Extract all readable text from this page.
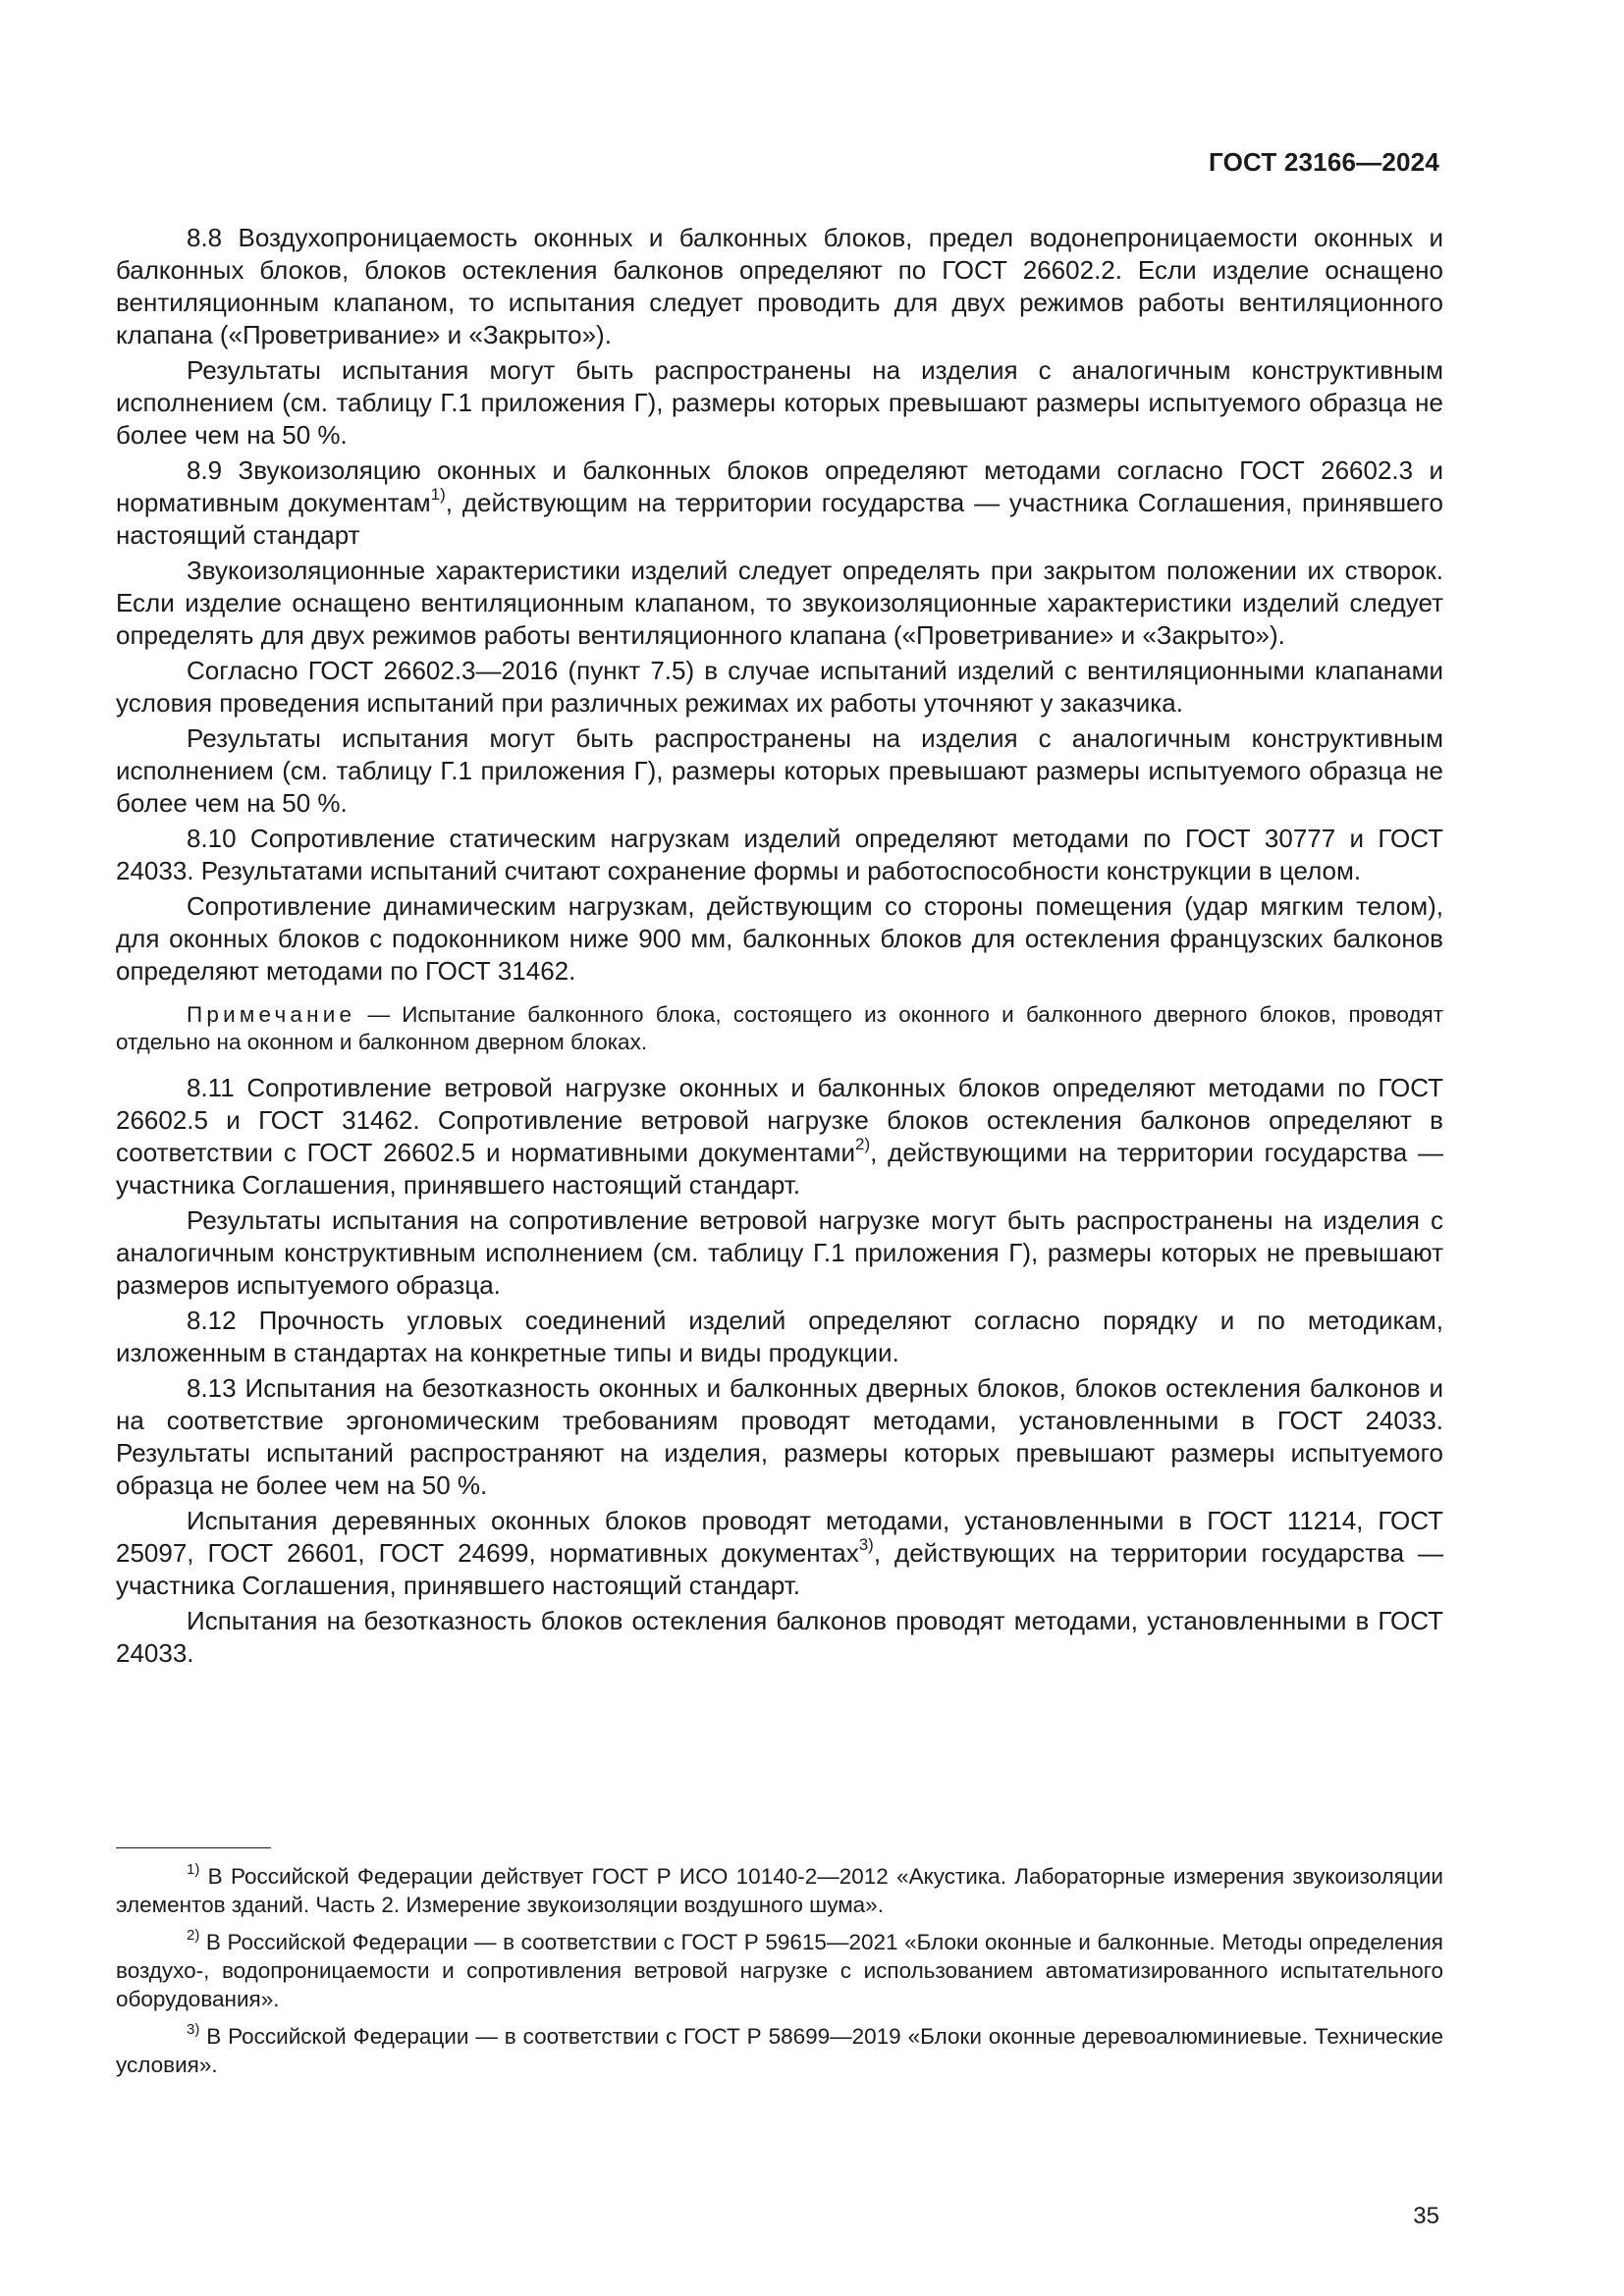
ГОСТ 23166—2024

8.8 Воздухопроницаемость оконных и балконных блоков, предел водонепроницаемости оконных и балконных блоков, блоков остекления балконов определяют по ГОСТ 26602.2. Если изделие оснащено вентиляционным клапаном, то испытания следует проводить для двух режимов работы вентиляционного клапана («Проветривание» и «Закрыто»).

Результаты испытания могут быть распространены на изделия с аналогичным конструктивным исполнением (см. таблицу Г.1 приложения Г), размеры которых превышают размеры испытуемого образца не более чем на 50 %.

8.9 Звукоизоляцию оконных и балконных блоков определяют методами согласно ГОСТ 26602.3 и нормативным документам$^{1)}$, действующим на территории государства — участника Соглашения, принявшего настоящий стандарт

Звукоизоляционные характеристики изделий следует определять при закрытом положении их створок. Если изделие оснащено вентиляционным клапаном, то звукоизоляционные характеристики изделий следует определять для двух режимов работы вентиляционного клапана («Проветривание» и «Закрыто»).

Согласно ГОСТ 26602.3—2016 (пункт 7.5) в случае испытаний изделий с вентиляционными клапанами условия проведения испытаний при различных режимах их работы уточняют у заказчика.

Результаты испытания могут быть распространены на изделия с аналогичным конструктивным исполнением (см. таблицу Г.1 приложения Г), размеры которых превышают размеры испытуемого образца не более чем на 50 %.

8.10 Сопротивление статическим нагрузкам изделий определяют методами по ГОСТ 30777 и ГОСТ 24033. Результатами испытаний считают сохранение формы и работоспособности конструкции в целом.

Сопротивление динамическим нагрузкам, действующим со стороны помещения (удар мягким телом), для оконных блоков с подоконником ниже 900 мм, балконных блоков для остекления французских балконов определяют методами по ГОСТ 31462.

Примечание — Испытание балконного блока, состоящего из оконного и балконного дверного блоков, проводят отдельно на оконном и балконном дверном блоках.

8.11 Сопротивление ветровой нагрузке оконных и балконных блоков определяют методами по ГОСТ 26602.5 и ГОСТ 31462. Сопротивление ветровой нагрузке блоков остекления балконов определяют в соответствии с ГОСТ 26602.5 и нормативными документами$^{2)}$, действующими на территории государства — участника Соглашения, принявшего настоящий стандарт.

Результаты испытания на сопротивление ветровой нагрузке могут быть распространены на изделия с аналогичным конструктивным исполнением (см. таблицу Г.1 приложения Г), размеры которых не превышают размеров испытуемого образца.

8.12 Прочность угловых соединений изделий определяют согласно порядку и по методикам, изложенным в стандартах на конкретные типы и виды продукции.

8.13 Испытания на безотказность оконных и балконных дверных блоков, блоков остекления балконов и на соответствие эргономическим требованиям проводят методами, установленными в ГОСТ 24033. Результаты испытаний распространяют на изделия, размеры которых превышают размеры испытуемого образца не более чем на 50 %.

Испытания деревянных оконных блоков проводят методами, установленными в ГОСТ 11214, ГОСТ 25097, ГОСТ 26601, ГОСТ 24699, нормативных документах$^{3)}$, действующих на территории государства — участника Соглашения, принявшего настоящий стандарт.

Испытания на безотказность блоков остекления балконов проводят методами, установленными в ГОСТ 24033.

$^{1)}$ В Российской Федерации действует ГОСТ Р ИСО 10140-2—2012 «Акустика. Лабораторные измерения звукоизоляции элементов зданий. Часть 2. Измерение звукоизоляции воздушного шума».

$^{2)}$ В Российской Федерации — в соответствии с ГОСТ Р 59615—2021 «Блоки оконные и балконные. Методы определения воздухо-, водопроницаемости и сопротивления ветровой нагрузке с использованием автоматизированного испытательного оборудования».

$^{3)}$ В Российской Федерации — в соответствии с ГОСТ Р 58699—2019 «Блоки оконные деревоалюминиевые. Технические условия».

35
